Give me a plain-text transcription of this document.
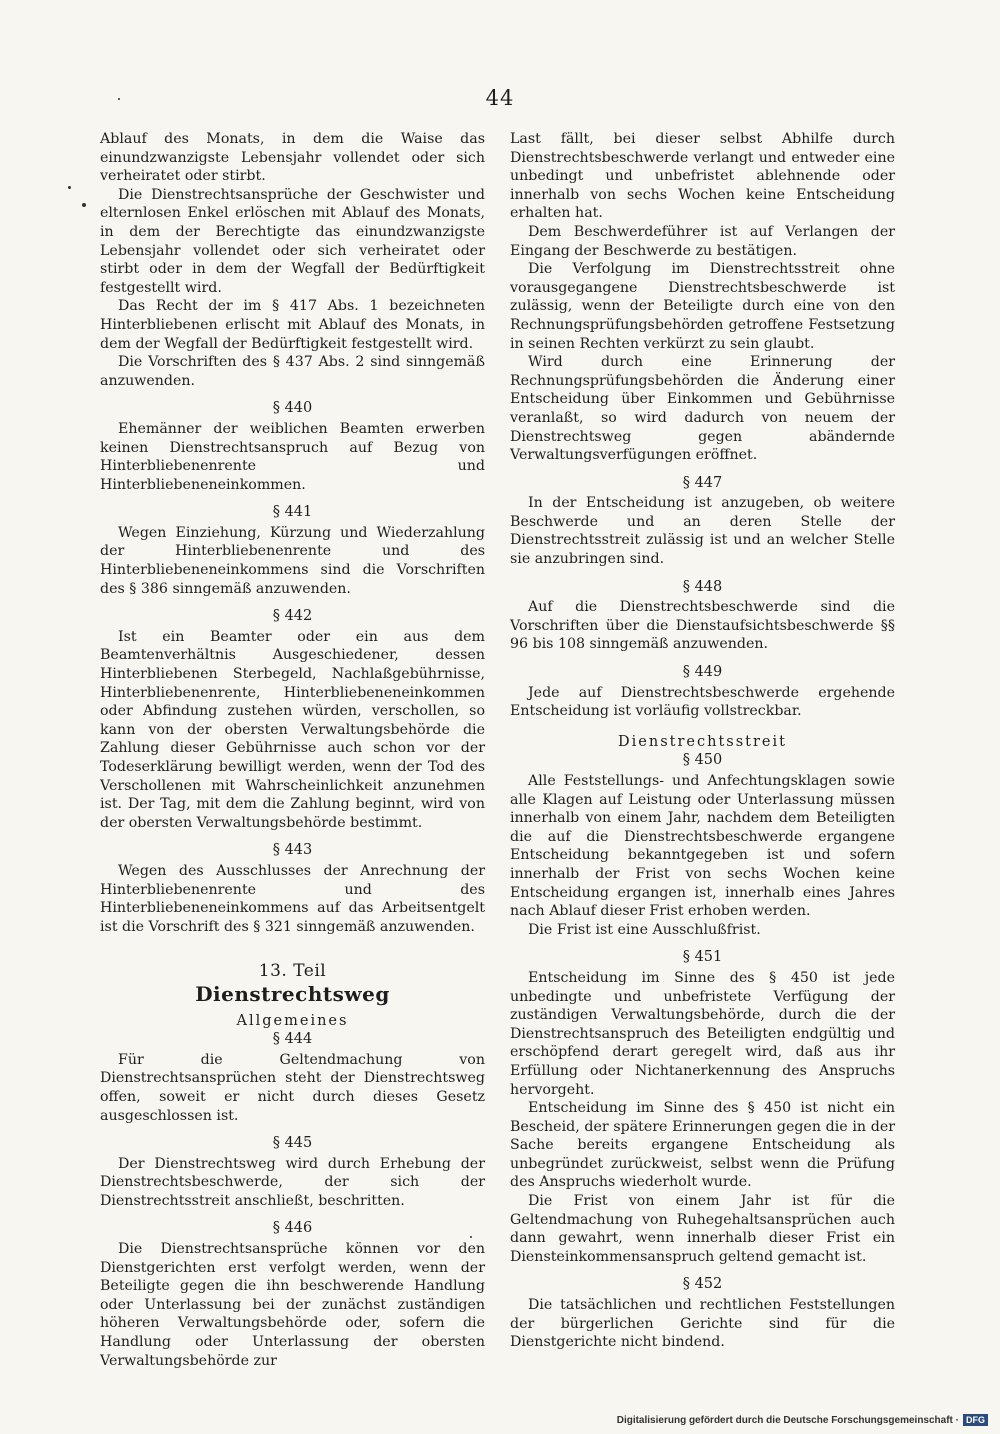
44

Ablauf des Monats, in dem die Waise das einundzwanzigste Lebensjahr vollendet oder sich verheiratet oder stirbt.

Die Dienstrechtsansprüche der Geschwister und elternlosen Enkel erlöschen mit Ablauf des Monats, in dem der Berechtigte das einundzwanzigste Lebensjahr vollendet oder sich verheiratet oder stirbt oder in dem der Wegfall der Bedürftigkeit festgestellt wird.

Das Recht der im § 417 Abs. 1 bezeichneten Hinterbliebenen erlischt mit Ablauf des Monats, in dem der Wegfall der Bedürftigkeit festgestellt wird.

Die Vorschriften des § 437 Abs. 2 sind sinngemäß anzuwenden.

§ 440

Ehemänner der weiblichen Beamten erwerben keinen Dienstrechtsanspruch auf Bezug von Hinterbliebenenrente und Hinterbliebeneneinkommen.

§ 441

Wegen Einziehung, Kürzung und Wiederzahlung der Hinterbliebenenrente und des Hinterbliebeneneinkommens sind die Vorschriften des § 386 sinngemäß anzuwenden.

§ 442

Ist ein Beamter oder ein aus dem Beamtenverhältnis Ausgeschiedener, dessen Hinterbliebenen Sterbegeld, Nachlaßgebührnisse, Hinterbliebenenrente, Hinterbliebeneneinkommen oder Abfindung zustehen würden, verschollen, so kann von der obersten Verwaltungsbehörde die Zahlung dieser Gebührnisse auch schon vor der Todeserklärung bewilligt werden, wenn der Tod des Verschollenen mit Wahrscheinlichkeit anzunehmen ist. Der Tag, mit dem die Zahlung beginnt, wird von der obersten Verwaltungsbehörde bestimmt.

§ 443

Wegen des Ausschlusses der Anrechnung der Hinterbliebenenrente und des Hinterbliebeneneinkommens auf das Arbeitsentgelt ist die Vorschrift des § 321 sinngemäß anzuwenden.

13. Teil
Dienstrechtsweg
Allgemeines
§ 444

Für die Geltendmachung von Dienstrechtsansprüchen steht der Dienstrechtsweg offen, soweit er nicht durch dieses Gesetz ausgeschlossen ist.

§ 445

Der Dienstrechtsweg wird durch Erhebung der Dienstrechtsbeschwerde, der sich der Dienstrechtsstreit anschließt, beschritten.

§ 446

Die Dienstrechtsansprüche können vor den Dienstgerichten erst verfolgt werden, wenn der Beteiligte gegen die ihn beschwerende Handlung oder Unterlassung bei der zunächst zuständigen höheren Verwaltungsbehörde oder, sofern die Handlung oder Unterlassung der obersten Verwaltungsbehörde zur

Last fällt, bei dieser selbst Abhilfe durch Dienstrechtsbeschwerde verlangt und entweder eine unbedingt und unbefristet ablehnende oder innerhalb von sechs Wochen keine Entscheidung erhalten hat.

Dem Beschwerdeführer ist auf Verlangen der Eingang der Beschwerde zu bestätigen.

Die Verfolgung im Dienstrechtsstreit ohne vorausgegangene Dienstrechtsbeschwerde ist zulässig, wenn der Beteiligte durch eine von den Rechnungsprüfungsbehörden getroffene Festsetzung in seinen Rechten verkürzt zu sein glaubt.

Wird durch eine Erinnerung der Rechnungsprüfungsbehörden die Änderung einer Entscheidung über Einkommen und Gebührnisse veranlaßt, so wird dadurch von neuem der Dienstrechtsweg gegen abändernde Verwaltungsverfügungen eröffnet.

§ 447

In der Entscheidung ist anzugeben, ob weitere Beschwerde und an deren Stelle der Dienstrechtsstreit zulässig ist und an welcher Stelle sie anzubringen sind.

§ 448

Auf die Dienstrechtsbeschwerde sind die Vorschriften über die Dienstaufsichtsbeschwerde §§ 96 bis 108 sinngemäß anzuwenden.

§ 449

Jede auf Dienstrechtsbeschwerde ergehende Entscheidung ist vorläufig vollstreckbar.

Dienstrechtsstreit
§ 450

Alle Feststellungs- und Anfechtungsklagen sowie alle Klagen auf Leistung oder Unterlassung müssen innerhalb von einem Jahr, nachdem dem Beteiligten die auf die Dienstrechtsbeschwerde ergangene Entscheidung bekanntgegeben ist und sofern innerhalb der Frist von sechs Wochen keine Entscheidung ergangen ist, innerhalb eines Jahres nach Ablauf dieser Frist erhoben werden.

Die Frist ist eine Ausschlußfrist.

§ 451

Entscheidung im Sinne des § 450 ist jede unbedingte und unbefristete Verfügung der zuständigen Verwaltungsbehörde, durch die der Dienstrechtsanspruch des Beteiligten endgültig und erschöpfend derart geregelt wird, daß aus ihr Erfüllung oder Nichtanerkennung des Anspruchs hervorgeht.

Entscheidung im Sinne des § 450 ist nicht ein Bescheid, der spätere Erinnerungen gegen die in der Sache bereits ergangene Entscheidung als unbegründet zurückweist, selbst wenn die Prüfung des Anspruchs wiederholt wurde.

Die Frist von einem Jahr ist für die Geltendmachung von Ruhegehaltsansprüchen auch dann gewahrt, wenn innerhalb dieser Frist ein Diensteinkommensanspruch geltend gemacht ist.

§ 452

Die tatsächlichen und rechtlichen Feststellungen der bürgerlichen Gerichte sind für die Dienstgerichte nicht bindend.

Digitalisierung gefördert durch die Deutsche Forschungsgemeinschaft · DFG
